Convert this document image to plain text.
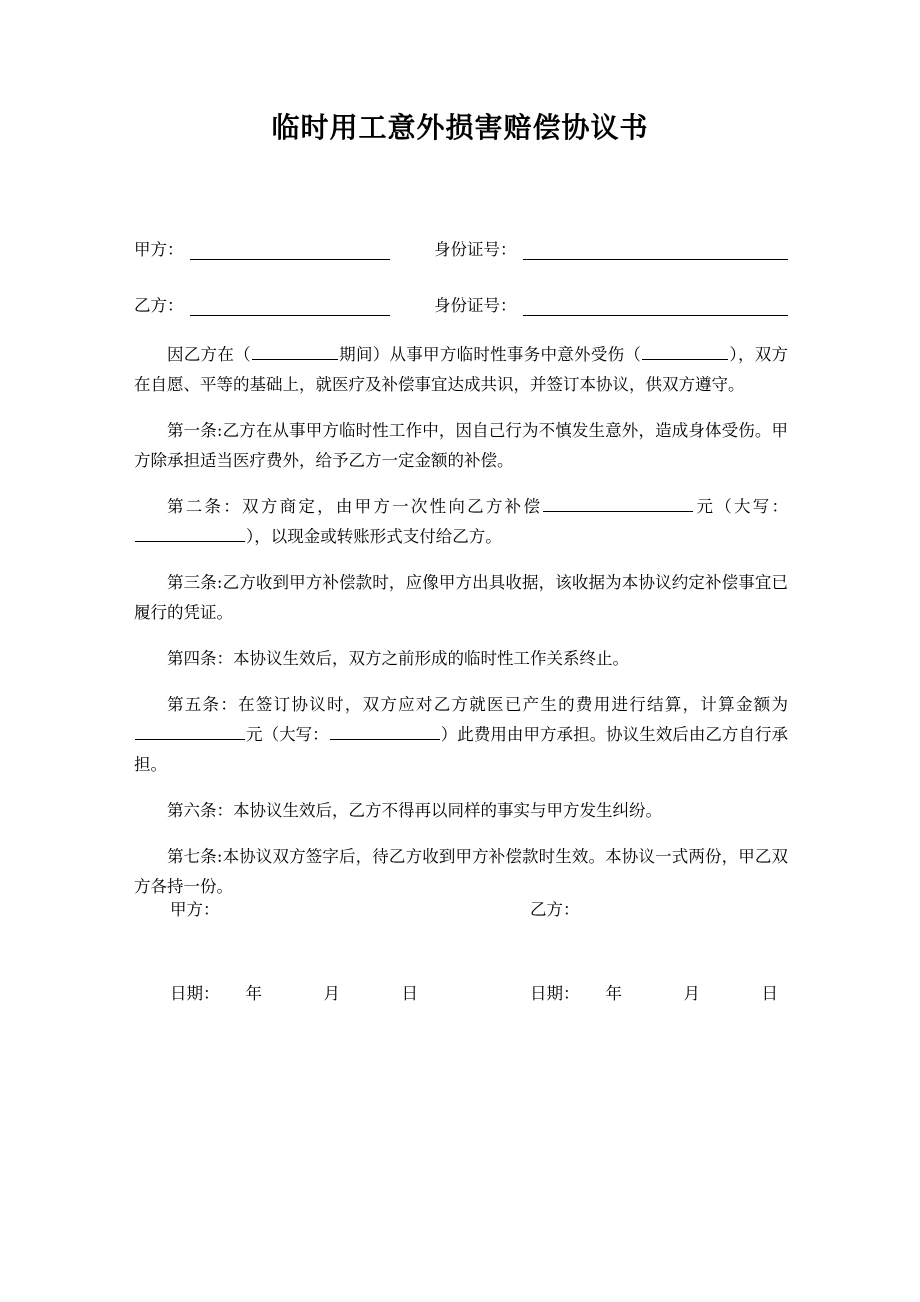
临时用工意外损害赔偿协议书
甲方：	身份证号：
乙方：	身份证号：

因乙方在（	期间）从事甲方临时性事务中意外受伤（	），双方在自愿、平等的基础上，就医疗及补偿事宜达成共识，并签订本协议，供双方遵守。

第一条:乙方在从事甲方临时性工作中，因自己行为不慎发生意外，造成身体受伤。甲方除承担适当医疗费外，给予乙方一定金额的补偿。

第二条：双方商定，由甲方一次性向乙方补偿	元（大写：），以现金或转账形式支付给乙方。

第三条:乙方收到甲方补偿款时，应像甲方出具收据，该收据为本协议约定补偿事宜已履行的凭证。

第四条：本协议生效后，双方之前形成的临时性工作关系终止。

第五条：在签订协议时，双方应对乙方就医已产生的费用进行结算，计算金额为元（大写：	）此费用由甲方承担。协议生效后由乙方自行承担。

第六条：本协议生效后，乙方不得再以同样的事实与甲方发生纠纷。

第七条:本协议双方签字后，待乙方收到甲方补偿款时生效。本协议一式两份，甲乙双方各持一份。

甲方：	乙方：
日期：	年	月	日	日期：	年	月	日
